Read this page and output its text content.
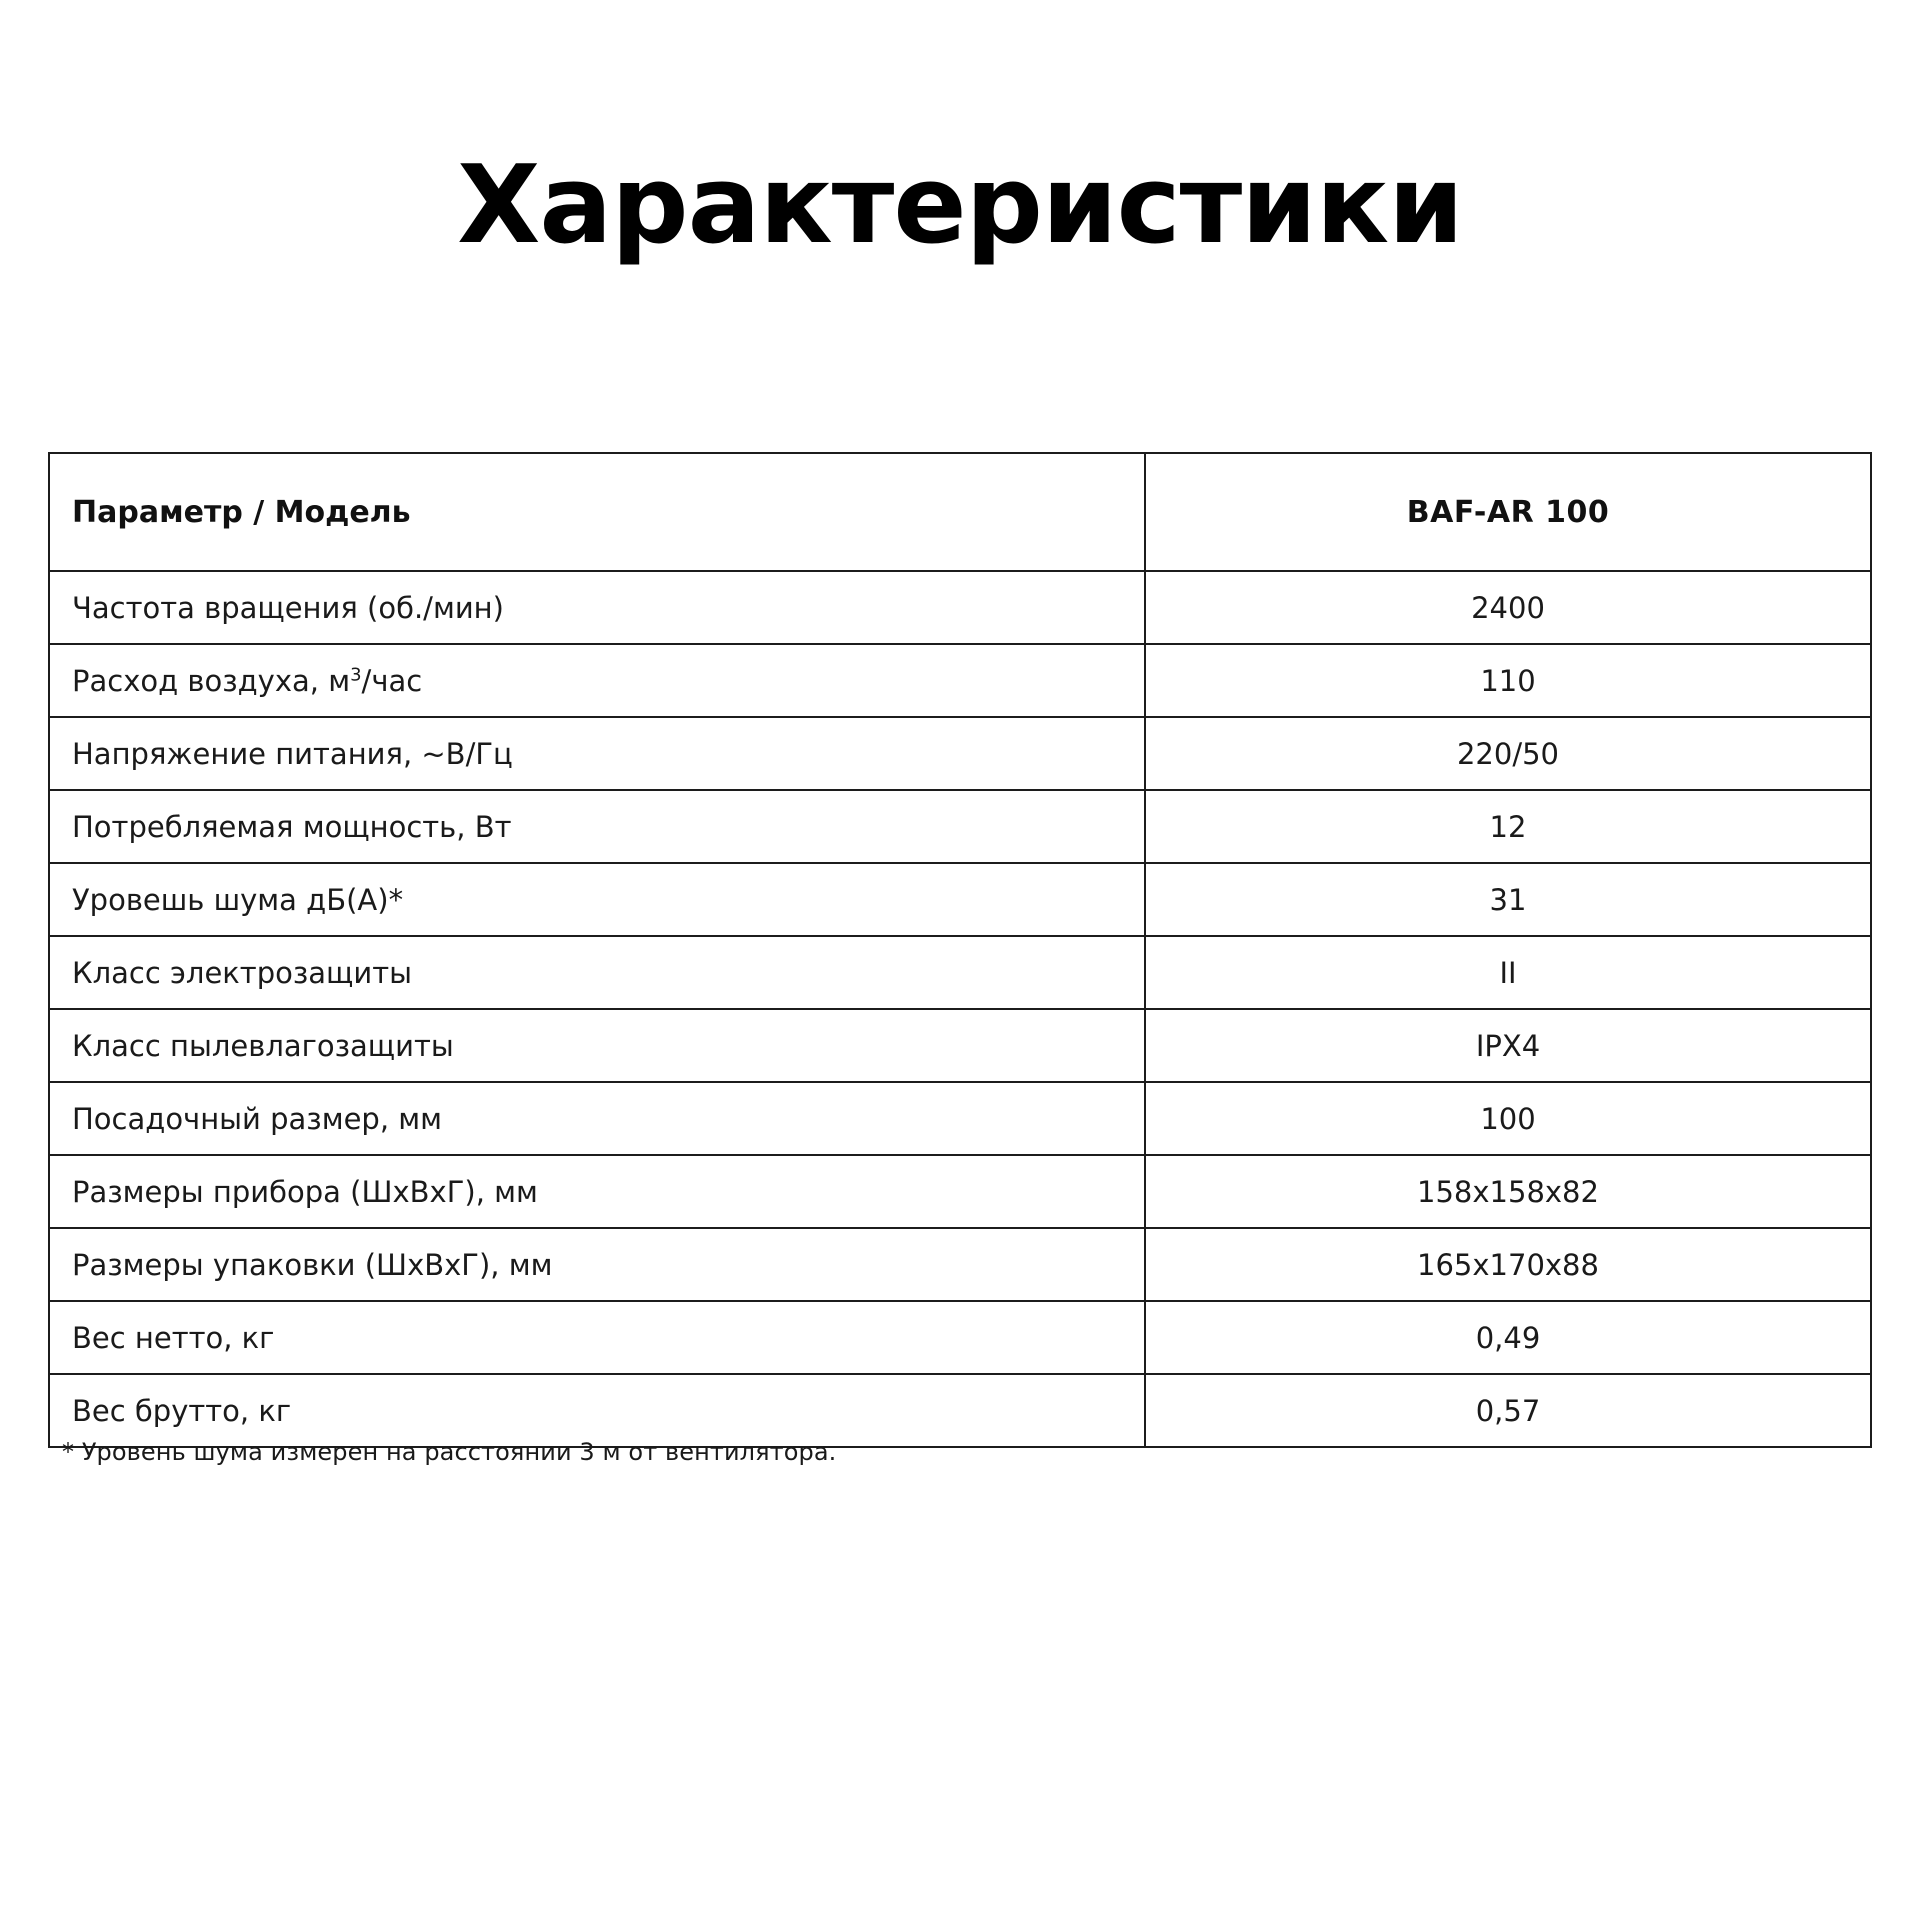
Характеристики
Параметр / Модель	BAF-AR 100
Частота вращения (об./мин)	2400
Расход воздуха, $м^3$/час	110
Напряжение питания, ~В/Гц	220/50
Потребляемая мощность, Вт	12
Уровешь шума дБ(А)*	31
Класс электрозащиты	II
Класс пылевлагозащиты	IPX4
Посадочный размер, мм	100
Размеры прибора (ШхВхГ), мм	158x158x82
Размеры упаковки (ШхВхГ), мм	165x170x88
Вес нетто, кг	0,49
Вес брутто, кг	0,57
* Уровень шума измерен на расстоянии 3 м от вентилятора.
